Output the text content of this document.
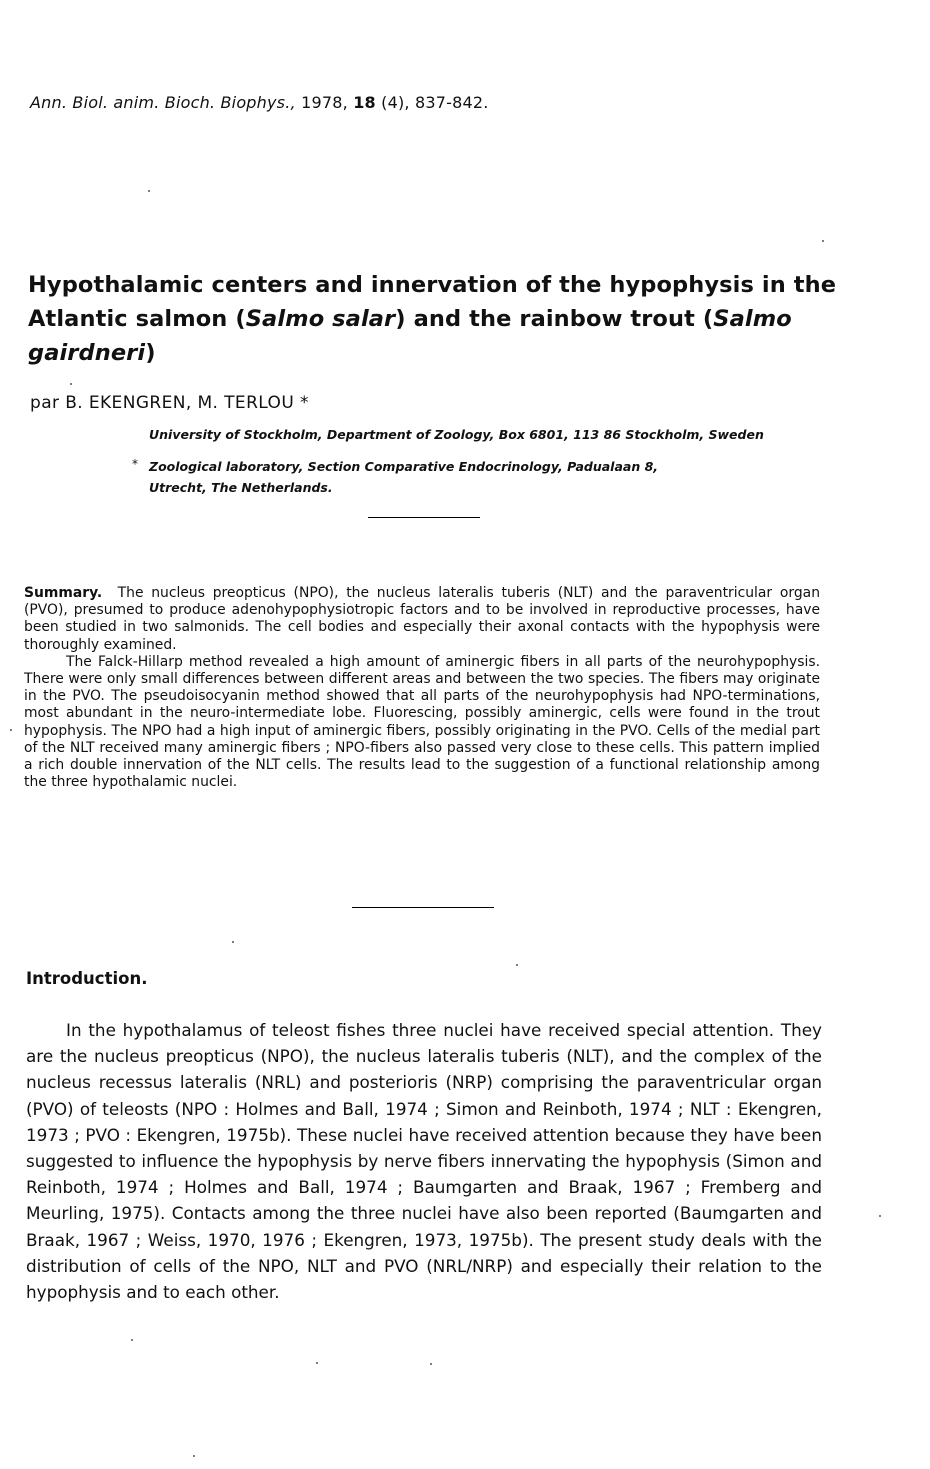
Ann. Biol. anim. Bioch. Biophys., 1978, 18 (4), 837-842.
Hypothalamic centers and innervation of the hypophysis in the Atlantic salmon (Salmo salar) and the rainbow trout (Salmo gairdneri)
par B. EKENGREN, M. TERLOU *
University of Stockholm, Department of Zoology, Box 6801, 113 86 Stockholm, Sweden
* Zoological laboratory, Section Comparative Endocrinology, Padualaan 8,
Utrecht, The Netherlands.

Summary. The nucleus preopticus (NPO), the nucleus lateralis tuberis (NLT) and the paraventricular organ (PVO), presumed to produce adenohypophysiotropic factors and to be involved in reproductive processes, have been studied in two salmonids. The cell bodies and especially their axonal contacts with the hypophysis were thoroughly examined.

The Falck-Hillarp method revealed a high amount of aminergic fibers in all parts of the neurohypophysis. There were only small differences between different areas and between the two species. The fibers may originate in the PVO. The pseudoisocyanin method showed that all parts of the neurohypophysis had NPO-terminations, most abundant in the neuro-intermediate lobe. Fluorescing, possibly aminergic, cells were found in the trout hypophysis. The NPO had a high input of aminergic fibers, possibly originating in the PVO. Cells of the medial part of the NLT received many aminergic fibers ; NPO-fibers also passed very close to these cells. This pattern implied a rich double innervation of the NLT cells. The results lead to the suggestion of a functional relationship among the three hypothalamic nuclei.

Introduction.

In the hypothalamus of teleost fishes three nuclei have received special attention. They are the nucleus preopticus (NPO), the nucleus lateralis tuberis (NLT), and the complex of the nucleus recessus lateralis (NRL) and posterioris (NRP) comprising the paraventricular organ (PVO) of teleosts (NPO : Holmes and Ball, 1974 ; Simon and Reinboth, 1974 ; NLT : Ekengren, 1973 ; PVO : Ekengren, 1975b). These nuclei have received attention because they have been suggested to influence the hypophysis by nerve fibers innervating the hypophysis (Simon and Reinboth, 1974 ; Holmes and Ball, 1974 ; Baumgarten and Braak, 1967 ; Fremberg and Meurling, 1975). Contacts among the three nuclei have also been reported (Baumgarten and Braak, 1967 ; Weiss, 1970, 1976 ; Ekengren, 1973, 1975b). The present study deals with the distribution of cells of the NPO, NLT and PVO (NRL/NRP) and especially their relation to the hypophysis and to each other.
